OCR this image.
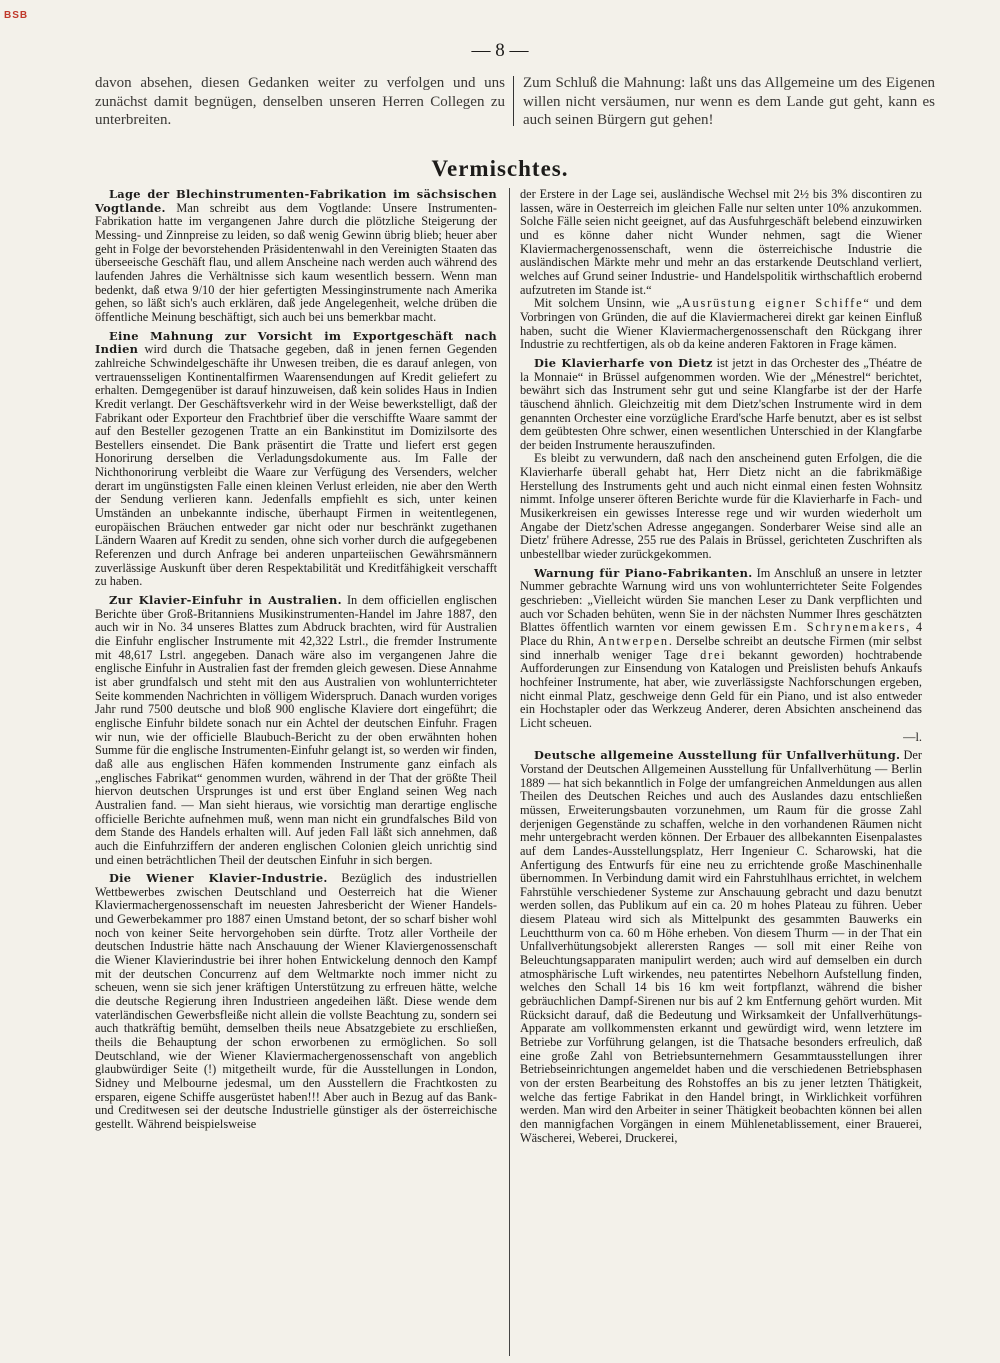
BSB
— 8 —
davon absehen, diesen Gedanken weiter zu verfolgen und uns zunächst damit begnügen, denselben unseren Herren Collegen zu unterbreiten.
Zum Schluß die Mahnung: laßt uns das Allgemeine um des Eigenen willen nicht versäumen, nur wenn es dem Lande gut geht, kann es auch seinen Bürgern gut gehen!
Vermischtes.

Lage der Blechinstrumenten-Fabrikation im sächsischen Vogtlande. Man schreibt aus dem Vogtlande: Unsere Instrumenten-Fabrikation hatte im vergangenen Jahre durch die plötzliche Steigerung der Messing- und Zinnpreise zu leiden, so daß wenig Gewinn übrig blieb; heuer aber geht in Folge der bevorstehenden Präsidentenwahl in den Vereinigten Staaten das überseeische Geschäft flau, und allem Anscheine nach werden auch während des laufenden Jahres die Verhältnisse sich kaum wesentlich bessern. Wenn man bedenkt, daß etwa 9/10 der hier gefertigten Messinginstrumente nach Amerika gehen, so läßt sich's auch erklären, daß jede Angelegenheit, welche drüben die öffentliche Meinung beschäftigt, sich auch bei uns bemerkbar macht.

Eine Mahnung zur Vorsicht im Exportgeschäft nach Indien wird durch die Thatsache gegeben, daß in jenen fernen Gegenden zahlreiche Schwindelgeschäfte ihr Unwesen treiben, die es darauf anlegen, von vertrauensseligen Kontinentalfirmen Waarensendungen auf Kredit geliefert zu erhalten. Demgegenüber ist darauf hinzuweisen, daß kein solides Haus in Indien Kredit verlangt. Der Geschäftsverkehr wird in der Weise bewerkstelligt, daß der Fabrikant oder Exporteur den Frachtbrief über die verschiffte Waare sammt der auf den Besteller gezogenen Tratte an ein Bankinstitut im Domizilsorte des Bestellers einsendet. Die Bank präsentirt die Tratte und liefert erst gegen Honorirung derselben die Verladungsdokumente aus. Im Falle der Nichthonorirung verbleibt die Waare zur Verfügung des Versenders, welcher derart im ungünstigsten Falle einen kleinen Verlust erleiden, nie aber den Werth der Sendung verlieren kann. Jedenfalls empfiehlt es sich, unter keinen Umständen an unbekannte indische, überhaupt Firmen in weitentlegenen, europäischen Bräuchen entweder gar nicht oder nur beschränkt zugethanen Ländern Waaren auf Kredit zu senden, ohne sich vorher durch die aufgegebenen Referenzen und durch Anfrage bei anderen unparteiischen Gewährsmännern zuverlässige Auskunft über deren Respektabilität und Kreditfähigkeit verschafft zu haben.

Zur Klavier-Einfuhr in Australien. In dem officiellen englischen Berichte über Groß-Britanniens Musikinstrumenten-Handel im Jahre 1887, den auch wir in No. 34 unseres Blattes zum Abdruck brachten, wird für Australien die Einfuhr englischer Instrumente mit 42,322 Lstrl., die fremder Instrumente mit 48,617 Lstrl. angegeben. Danach wäre also im vergangenen Jahre die englische Einfuhr in Australien fast der fremden gleich gewesen. Diese Annahme ist aber grundfalsch und steht mit den aus Australien von wohlunterrichteter Seite kommenden Nachrichten in völligem Widerspruch. Danach wurden voriges Jahr rund 7500 deutsche und bloß 900 englische Klaviere dort eingeführt; die englische Einfuhr bildete sonach nur ein Achtel der deutschen Einfuhr. Fragen wir nun, wie der officielle Blaubuch-Bericht zu der oben erwähnten hohen Summe für die englische Instrumenten-Einfuhr gelangt ist, so werden wir finden, daß alle aus englischen Häfen kommenden Instrumente ganz einfach als „englisches Fabrikat“ genommen wurden, während in der That der größte Theil hiervon deutschen Ursprunges ist und erst über England seinen Weg nach Australien fand. — Man sieht hieraus, wie vorsichtig man derartige englische officielle Berichte aufnehmen muß, wenn man nicht ein grundfalsches Bild von dem Stande des Handels erhalten will. Auf jeden Fall läßt sich annehmen, daß auch die Einfuhrziffern der anderen englischen Colonien gleich unrichtig sind und einen beträchtlichen Theil der deutschen Einfuhr in sich bergen.

Die Wiener Klavier-Industrie. Bezüglich des industriellen Wettbewerbes zwischen Deutschland und Oesterreich hat die Wiener Klaviermachergenossenschaft im neuesten Jahresbericht der Wiener Handels- und Gewerbekammer pro 1887 einen Umstand betont, der so scharf bisher wohl noch von keiner Seite hervorgehoben sein dürfte. Trotz aller Vortheile der deutschen Industrie hätte nach Anschauung der Wiener Klaviergenossenschaft die Wiener Klavierindustrie bei ihrer hohen Entwickelung dennoch den Kampf mit der deutschen Concurrenz auf dem Weltmarkte noch immer nicht zu scheuen, wenn sie sich jener kräftigen Unterstützung zu erfreuen hätte, welche die deutsche Regierung ihren Industrieen angedeihen läßt. Diese wende dem vaterländischen Gewerbsfleiße nicht allein die vollste Beachtung zu, sondern sei auch thatkräftig bemüht, demselben theils neue Absatzgebiete zu erschließen, theils die Behauptung der schon erworbenen zu ermöglichen. So soll Deutschland, wie der Wiener Klaviermachergenossenschaft von angeblich glaubwürdiger Seite (!) mitgetheilt wurde, für die Ausstellungen in London, Sidney und Melbourne jedesmal, um den Ausstellern die Frachtkosten zu ersparen, eigene Schiffe ausgerüstet haben!!! Aber auch in Bezug auf das Bank- und Creditwesen sei der deutsche Industrielle günstiger als der österreichische gestellt. Während beispielsweise

der Erstere in der Lage sei, ausländische Wechsel mit 2½ bis 3% discontiren zu lassen, wäre in Oesterreich im gleichen Falle nur selten unter 10% anzukommen. Solche Fälle seien nicht geeignet, auf das Ausfuhrgeschäft belebend einzuwirken und es könne daher nicht Wunder nehmen, sagt die Wiener Klaviermachergenossenschaft, wenn die österreichische Industrie die ausländischen Märkte mehr und mehr an das erstarkende Deutschland verliert, welches auf Grund seiner Industrie- und Handelspolitik wirthschaftlich erobernd aufzutreten im Stande ist.“

Mit solchem Unsinn, wie „Ausrüstung eigner Schiffe“ und dem Vorbringen von Gründen, die auf die Klaviermacherei direkt gar keinen Einfluß haben, sucht die Wiener Klaviermachergenossenschaft den Rückgang ihrer Industrie zu rechtfertigen, als ob da keine anderen Faktoren in Frage kämen.

Die Klavierharfe von Dietz ist jetzt in das Orchester des „Théatre de la Monnaie“ in Brüssel aufgenommen worden. Wie der „Ménestrel“ berichtet, bewährt sich das Instrument sehr gut und seine Klangfarbe ist der der Harfe täuschend ähnlich. Gleichzeitig mit dem Dietz'schen Instrumente wird in dem genannten Orchester eine vorzügliche Erard'sche Harfe benutzt, aber es ist selbst dem geübtesten Ohre schwer, einen wesentlichen Unterschied in der Klangfarbe der beiden Instrumente herauszufinden.

Es bleibt zu verwundern, daß nach den anscheinend guten Erfolgen, die die Klavierharfe überall gehabt hat, Herr Dietz nicht an die fabrikmäßige Herstellung des Instruments geht und auch nicht einmal einen festen Wohnsitz nimmt. Infolge unserer öfteren Berichte wurde für die Klavierharfe in Fach- und Musikerkreisen ein gewisses Interesse rege und wir wurden wiederholt um Angabe der Dietz'schen Adresse angegangen. Sonderbarer Weise sind alle an Dietz' frühere Adresse, 255 rue des Palais in Brüssel, gerichteten Zuschriften als unbestellbar wieder zurückgekommen.

Warnung für Piano-Fabrikanten. Im Anschluß an unsere in letzter Nummer gebrachte Warnung wird uns von wohlunterrichteter Seite Folgendes geschrieben: „Vielleicht würden Sie manchen Leser zu Dank verpflichten und auch vor Schaden behüten, wenn Sie in der nächsten Nummer Ihres geschätzten Blattes öffentlich warnten vor einem gewissen Em. Schrynemakers, 4 Place du Rhin, Antwerpen. Derselbe schreibt an deutsche Firmen (mir selbst sind innerhalb weniger Tage drei bekannt geworden) hochtrabende Aufforderungen zur Einsendung von Katalogen und Preislisten behufs Ankaufs hochfeiner Instrumente, hat aber, wie zuverlässigste Nachforschungen ergeben, nicht einmal Platz, geschweige denn Geld für ein Piano, und ist also entweder ein Hochstapler oder das Werkzeug Anderer, deren Absichten anscheinend das Licht scheuen.
—l.

Deutsche allgemeine Ausstellung für Unfallverhütung. Der Vorstand der Deutschen Allgemeinen Ausstellung für Unfallverhütung — Berlin 1889 — hat sich bekanntlich in Folge der umfangreichen Anmeldungen aus allen Theilen des Deutschen Reiches und auch des Auslandes dazu entschließen müssen, Erweiterungsbauten vorzunehmen, um Raum für die grosse Zahl derjenigen Gegenstände zu schaffen, welche in den vorhandenen Räumen nicht mehr untergebracht werden können. Der Erbauer des allbekannten Eisenpalastes auf dem Landes-Ausstellungsplatz, Herr Ingenieur C. Scharowski, hat die Anfertigung des Entwurfs für eine neu zu errichtende große Maschinenhalle übernommen. In Verbindung damit wird ein Fahrstuhlhaus errichtet, in welchem Fahrstühle verschiedener Systeme zur Anschauung gebracht und dazu benutzt werden sollen, das Publikum auf ein ca. 20 m hohes Plateau zu führen. Ueber diesem Plateau wird sich als Mittelpunkt des gesammten Bauwerks ein Leuchtthurm von ca. 60 m Höhe erheben. Von diesem Thurm — in der That ein Unfallverhütungsobjekt allerersten Ranges — soll mit einer Reihe von Beleuchtungsapparaten manipulirt werden; auch wird auf demselben ein durch atmosphärische Luft wirkendes, neu patentirtes Nebelhorn Aufstellung finden, welches den Schall 14 bis 16 km weit fortpflanzt, während die bisher gebräuchlichen Dampf-Sirenen nur bis auf 2 km Entfernung gehört wurden. Mit Rücksicht darauf, daß die Bedeutung und Wirksamkeit der Unfallverhütungs-Apparate am vollkommensten erkannt und gewürdigt wird, wenn letztere im Betriebe zur Vorführung gelangen, ist die Thatsache besonders erfreulich, daß eine große Zahl von Betriebsunternehmern Gesammtausstellungen ihrer Betriebseinrichtungen angemeldet haben und die verschiedenen Betriebsphasen von der ersten Bearbeitung des Rohstoffes an bis zu jener letzten Thätigkeit, welche das fertige Fabrikat in den Handel bringt, in Wirklichkeit vorführen werden. Man wird den Arbeiter in seiner Thätigkeit beobachten können bei allen den mannigfachen Vorgängen in einem Mühlenetablissement, einer Brauerei, Wäscherei, Weberei, Druckerei,
